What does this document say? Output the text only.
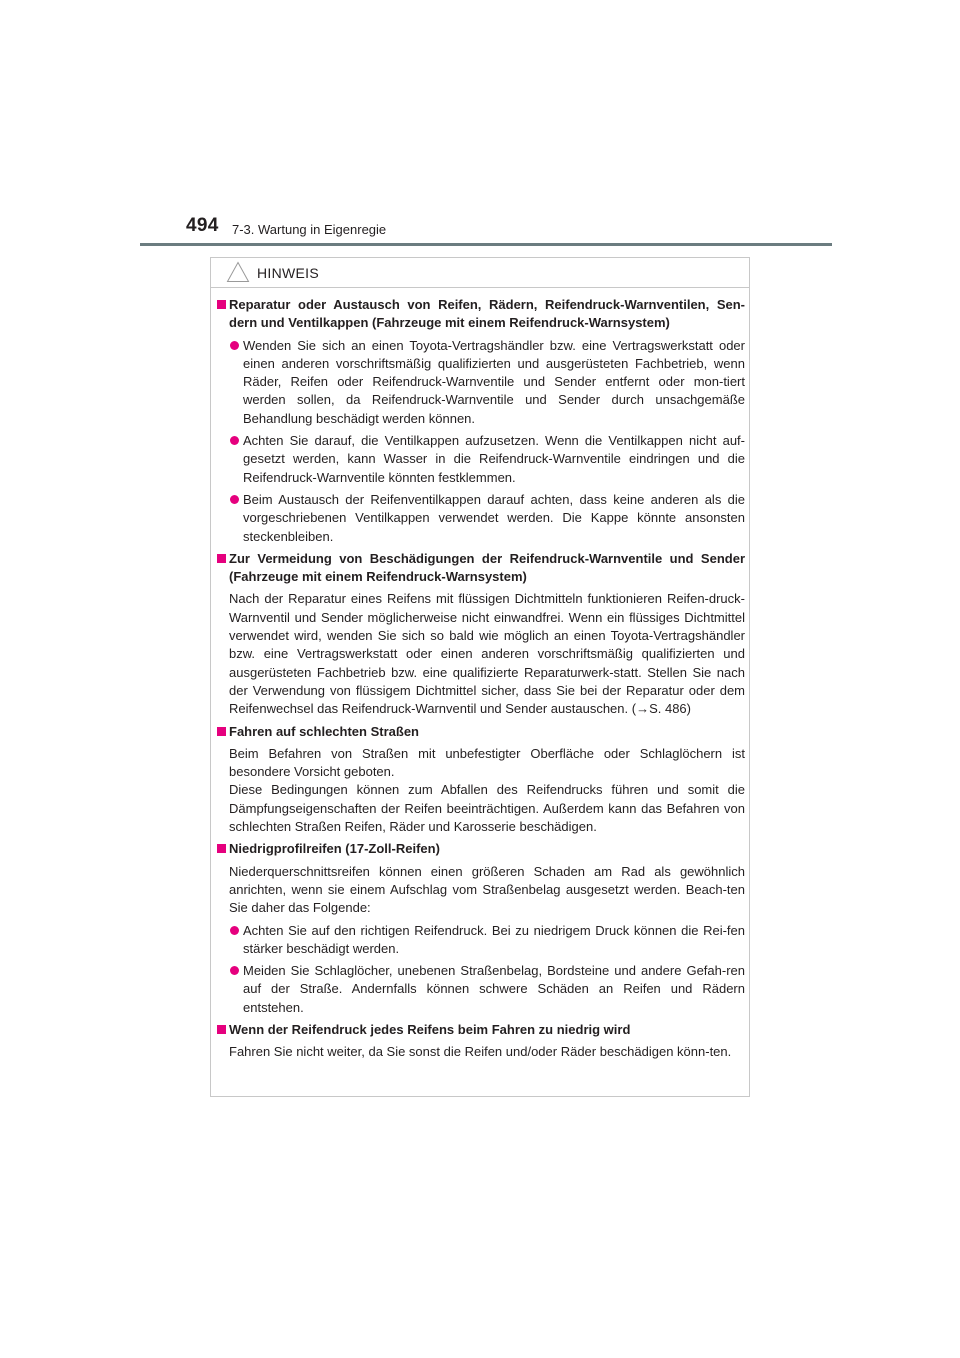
494 7-3. Wartung in Eigenregie
HINWEIS

Reparatur oder Austausch von Reifen, Rädern, Reifendruck-Warnventilen, Sen-dern und Ventilkappen (Fahrzeuge mit einem Reifendruck-Warnsystem)

Wenden Sie sich an einen Toyota-Vertragshändler bzw. eine Vertragswerkstatt oder einen anderen vorschriftsmäßig qualifizierten und ausgerüsteten Fachbetrieb, wenn Räder, Reifen oder Reifendruck-Warnventile und Sender entfernt oder mon-tiert werden sollen, da Reifendruck-Warnventile und Sender durch unsachgemäße Behandlung beschädigt werden können.
Achten Sie darauf, die Ventilkappen aufzusetzen. Wenn die Ventilkappen nicht auf-gesetzt werden, kann Wasser in die Reifendruck-Warnventile eindringen und die Reifendruck-Warnventile könnten festklemmen.
Beim Austausch der Reifenventilkappen darauf achten, dass keine anderen als die vorgeschriebenen Ventilkappen verwendet werden. Die Kappe könnte ansonsten steckenbleiben.

Zur Vermeidung von Beschädigungen der Reifendruck-Warnventile und Sender (Fahrzeuge mit einem Reifendruck-Warnsystem)

Nach der Reparatur eines Reifens mit flüssigen Dichtmitteln funktionieren Reifen-druck-Warnventil und Sender möglicherweise nicht einwandfrei. Wenn ein flüssiges Dichtmittel verwendet wird, wenden Sie sich so bald wie möglich an einen Toyota-Vertragshändler bzw. eine Vertragswerkstatt oder einen anderen vorschriftsmäßig qualifizierten und ausgerüsteten Fachbetrieb bzw. eine qualifizierte Reparaturwerk-statt. Stellen Sie nach der Verwendung von flüssigem Dichtmittel sicher, dass Sie bei der Reparatur oder dem Reifenwechsel das Reifendruck-Warnventil und Sender austauschen. (→S. 486)

Fahren auf schlechten Straßen

Beim Befahren von Straßen mit unbefestigter Oberfläche oder Schlaglöchern ist besondere Vorsicht geboten.

Diese Bedingungen können zum Abfallen des Reifendrucks führen und somit die Dämpfungseigenschaften der Reifen beeinträchtigen. Außerdem kann das Befahren von schlechten Straßen Reifen, Räder und Karosserie beschädigen.

Niedrigprofilreifen (17-Zoll-Reifen)

Niederquerschnittsreifen können einen größeren Schaden am Rad als gewöhnlich anrichten, wenn sie einem Aufschlag vom Straßenbelag ausgesetzt werden. Beach-ten Sie daher das Folgende:

Achten Sie auf den richtigen Reifendruck. Bei zu niedrigem Druck können die Rei-fen stärker beschädigt werden.
Meiden Sie Schlaglöcher, unebenen Straßenbelag, Bordsteine und andere Gefah-ren auf der Straße. Andernfalls können schwere Schäden an Reifen und Rädern entstehen.

Wenn der Reifendruck jedes Reifens beim Fahren zu niedrig wird

Fahren Sie nicht weiter, da Sie sonst die Reifen und/oder Räder beschädigen könn-ten.
